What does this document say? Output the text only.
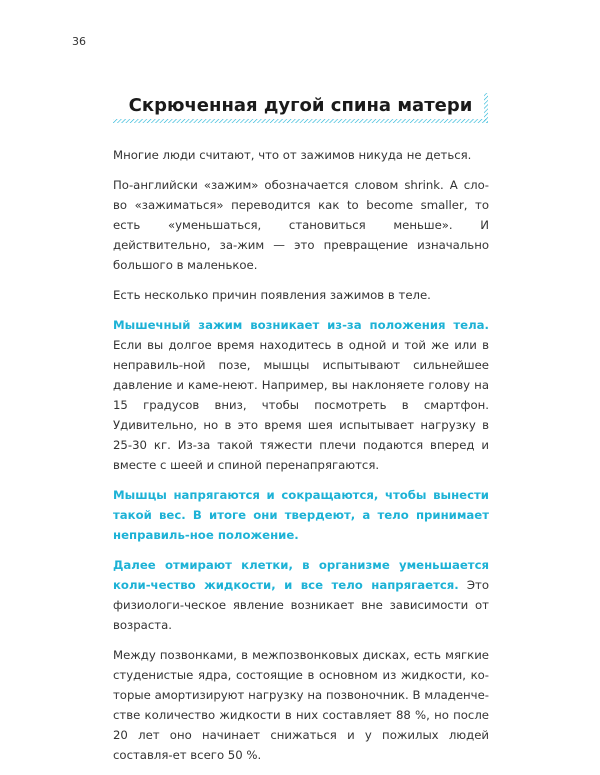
36
Скрюченная дугой спина матери

Многие люди считают, что от зажимов никуда не деться.

По-английски «зажим» обозначается словом shrink. А сло-во «зажиматься» переводится как to become smaller, то есть «уменьшаться, становиться меньше». И действительно, за-жим — это превращение изначально большого в маленькое.

Есть несколько причин появления зажимов в теле.

Мышечный зажим возникает из-за положения тела. Если вы долгое время находитесь в одной и той же или в неправиль-ной позе, мышцы испытывают сильнейшее давление и каме-неют. Например, вы наклоняете голову на 15 градусов вниз, чтобы посмотреть в смартфон. Удивительно, но в это время шея испытывает нагрузку в 25-30 кг. Из-за такой тяжести плечи подаются вперед и вместе с шеей и спиной перенапрягаются.

Мышцы напрягаются и сокращаются, чтобы вынести такой вес. В итоге они твердеют, а тело принимает неправиль-ное положение.

Далее отмирают клетки, в организме уменьшается коли-чество жидкости, и все тело напрягается. Это физиологи-ческое явление возникает вне зависимости от возраста.

Между позвонками, в межпозвонковых дисках, есть мягкие студенистые ядра, состоящие в основном из жидкости, ко-торые амортизируют нагрузку на позвоночник. В младенче-стве количество жидкости в них составляет 88 %, но после 20 лет оно начинает снижаться и у пожилых людей составля-ет всего 50 %.
